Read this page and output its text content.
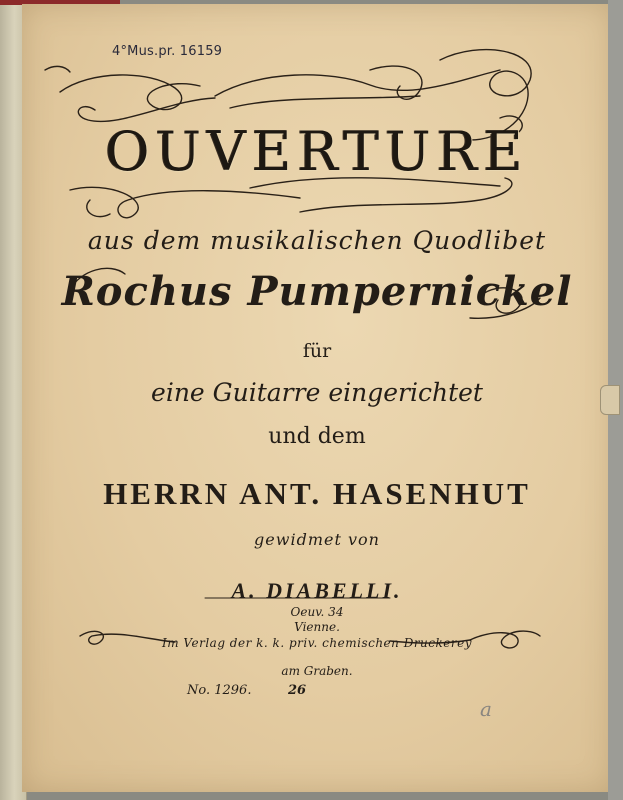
4°Mus.pr. 16159
OUVERTURE
aus dem musikalischen Quodlibet
Rochus Pumpernickel
für
eine Guitarre eingerichtet
und dem
HERRN ANT. HASENHUT
gewidmet von
A. DIABELLI.
Oeuv. 34
Vienne.
Im Verlag der k. k. priv. chemischen Druckerey
am Graben.
No. 1296.	26
a
